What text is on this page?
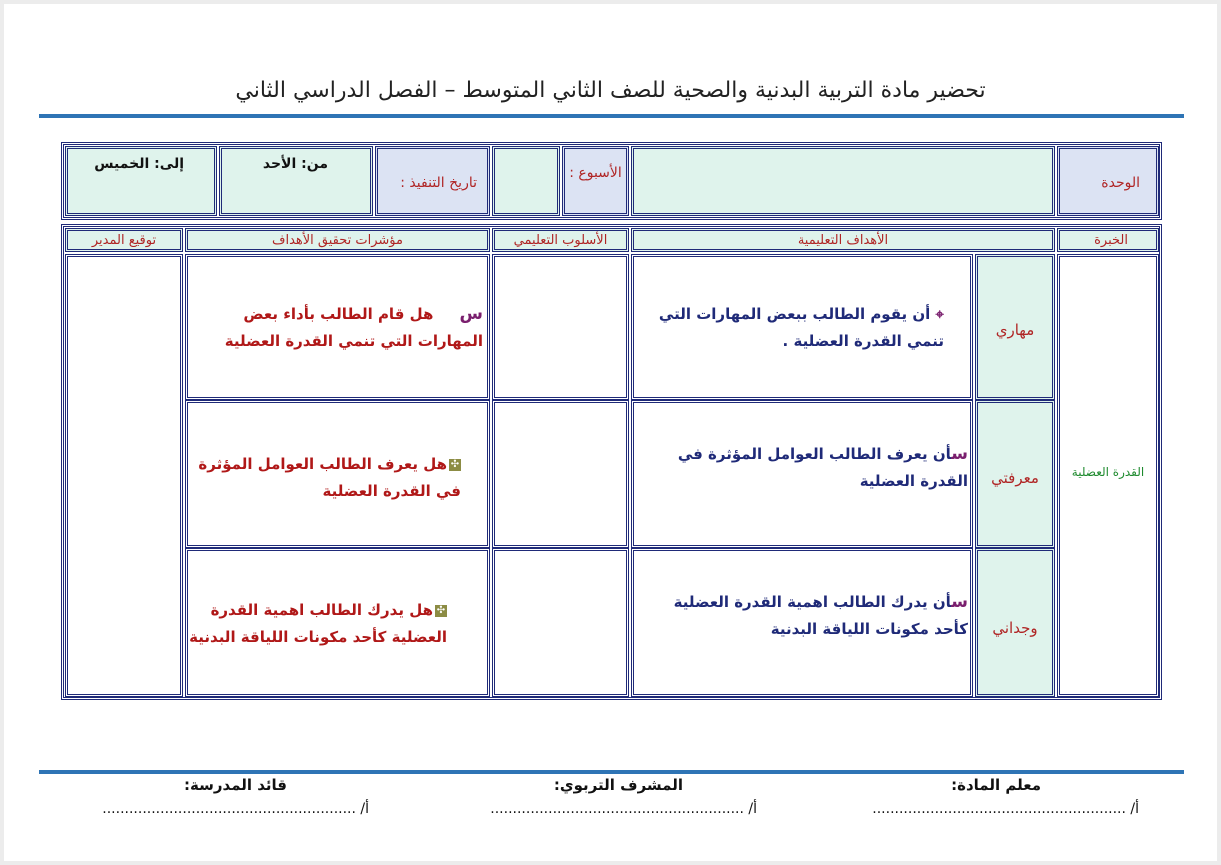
تحضير مادة التربية البدنية والصحية للصف الثاني المتوسط – الفصل الدراسي الثاني
الوحدة
الأسبوع :
تاريخ التنفيذ :
من: الأحد
إلى: الخميس
الخبرة
الأهداف التعليمية
الأسلوب التعليمي
مؤشرات تحقيق الأهداف
توقيع المدير
القدرة العضلية
مهاري
⌖ أن يقوم الطالب ببعض المهارات التي تنمي القدرة العضلية .
س     هل قام الطالب بأداء بعض المهارات التي تنمي القدرة العضلية
معرفتي
سأن يعرف الطالب العوامل المؤثرة في القدرة العضلية
✣هل يعرف الطالب العوامل المؤثرة في القدرة العضلية
وجداني
سأن يدرك الطالب اهمية القدرة العضلية كأحد مكونات اللياقة البدنية
✣هل يدرك الطالب اهمية القدرة العضلية كأحد مكونات اللياقة البدنية
معلم المادة:
أ/ .........................................................
المشرف التربوي:
أ/ .........................................................
قائد المدرسة:
أ/ .........................................................
